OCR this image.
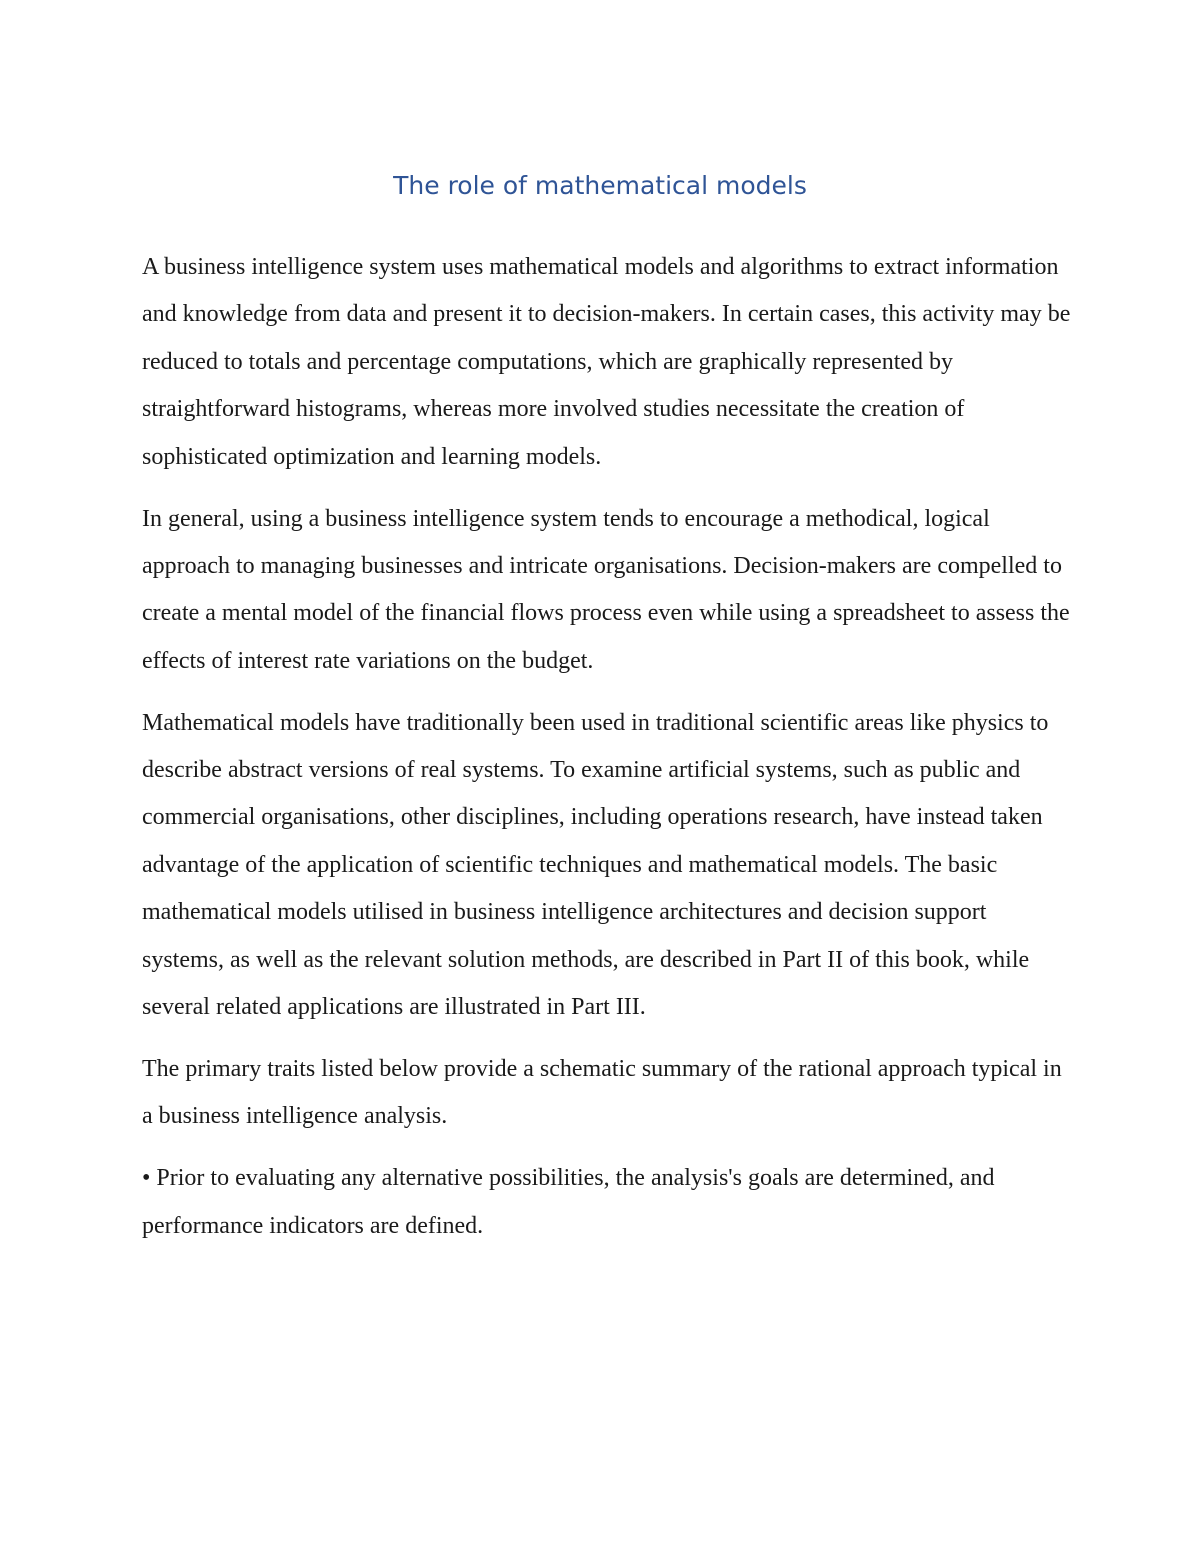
The role of mathematical models

A business intelligence system uses mathematical models and algorithms to extract information and knowledge from data and present it to decision-makers. In certain cases, this activity may be reduced to totals and percentage computations, which are graphically represented by straightforward histograms, whereas more involved studies necessitate the creation of sophisticated optimization and learning models.

In general, using a business intelligence system tends to encourage a methodical, logical approach to managing businesses and intricate organisations. Decision-makers are compelled to create a mental model of the financial flows process even while using a spreadsheet to assess the effects of interest rate variations on the budget.

Mathematical models have traditionally been used in traditional scientific areas like physics to describe abstract versions of real systems. To examine artificial systems, such as public and commercial organisations, other disciplines, including operations research, have instead taken advantage of the application of scientific techniques and mathematical models. The basic mathematical models utilised in business intelligence architectures and decision support systems, as well as the relevant solution methods, are described in Part II of this book, while several related applications are illustrated in Part III.

The primary traits listed below provide a schematic summary of the rational approach typical in a business intelligence analysis.

• Prior to evaluating any alternative possibilities, the analysis's goals are determined, and performance indicators are defined.
